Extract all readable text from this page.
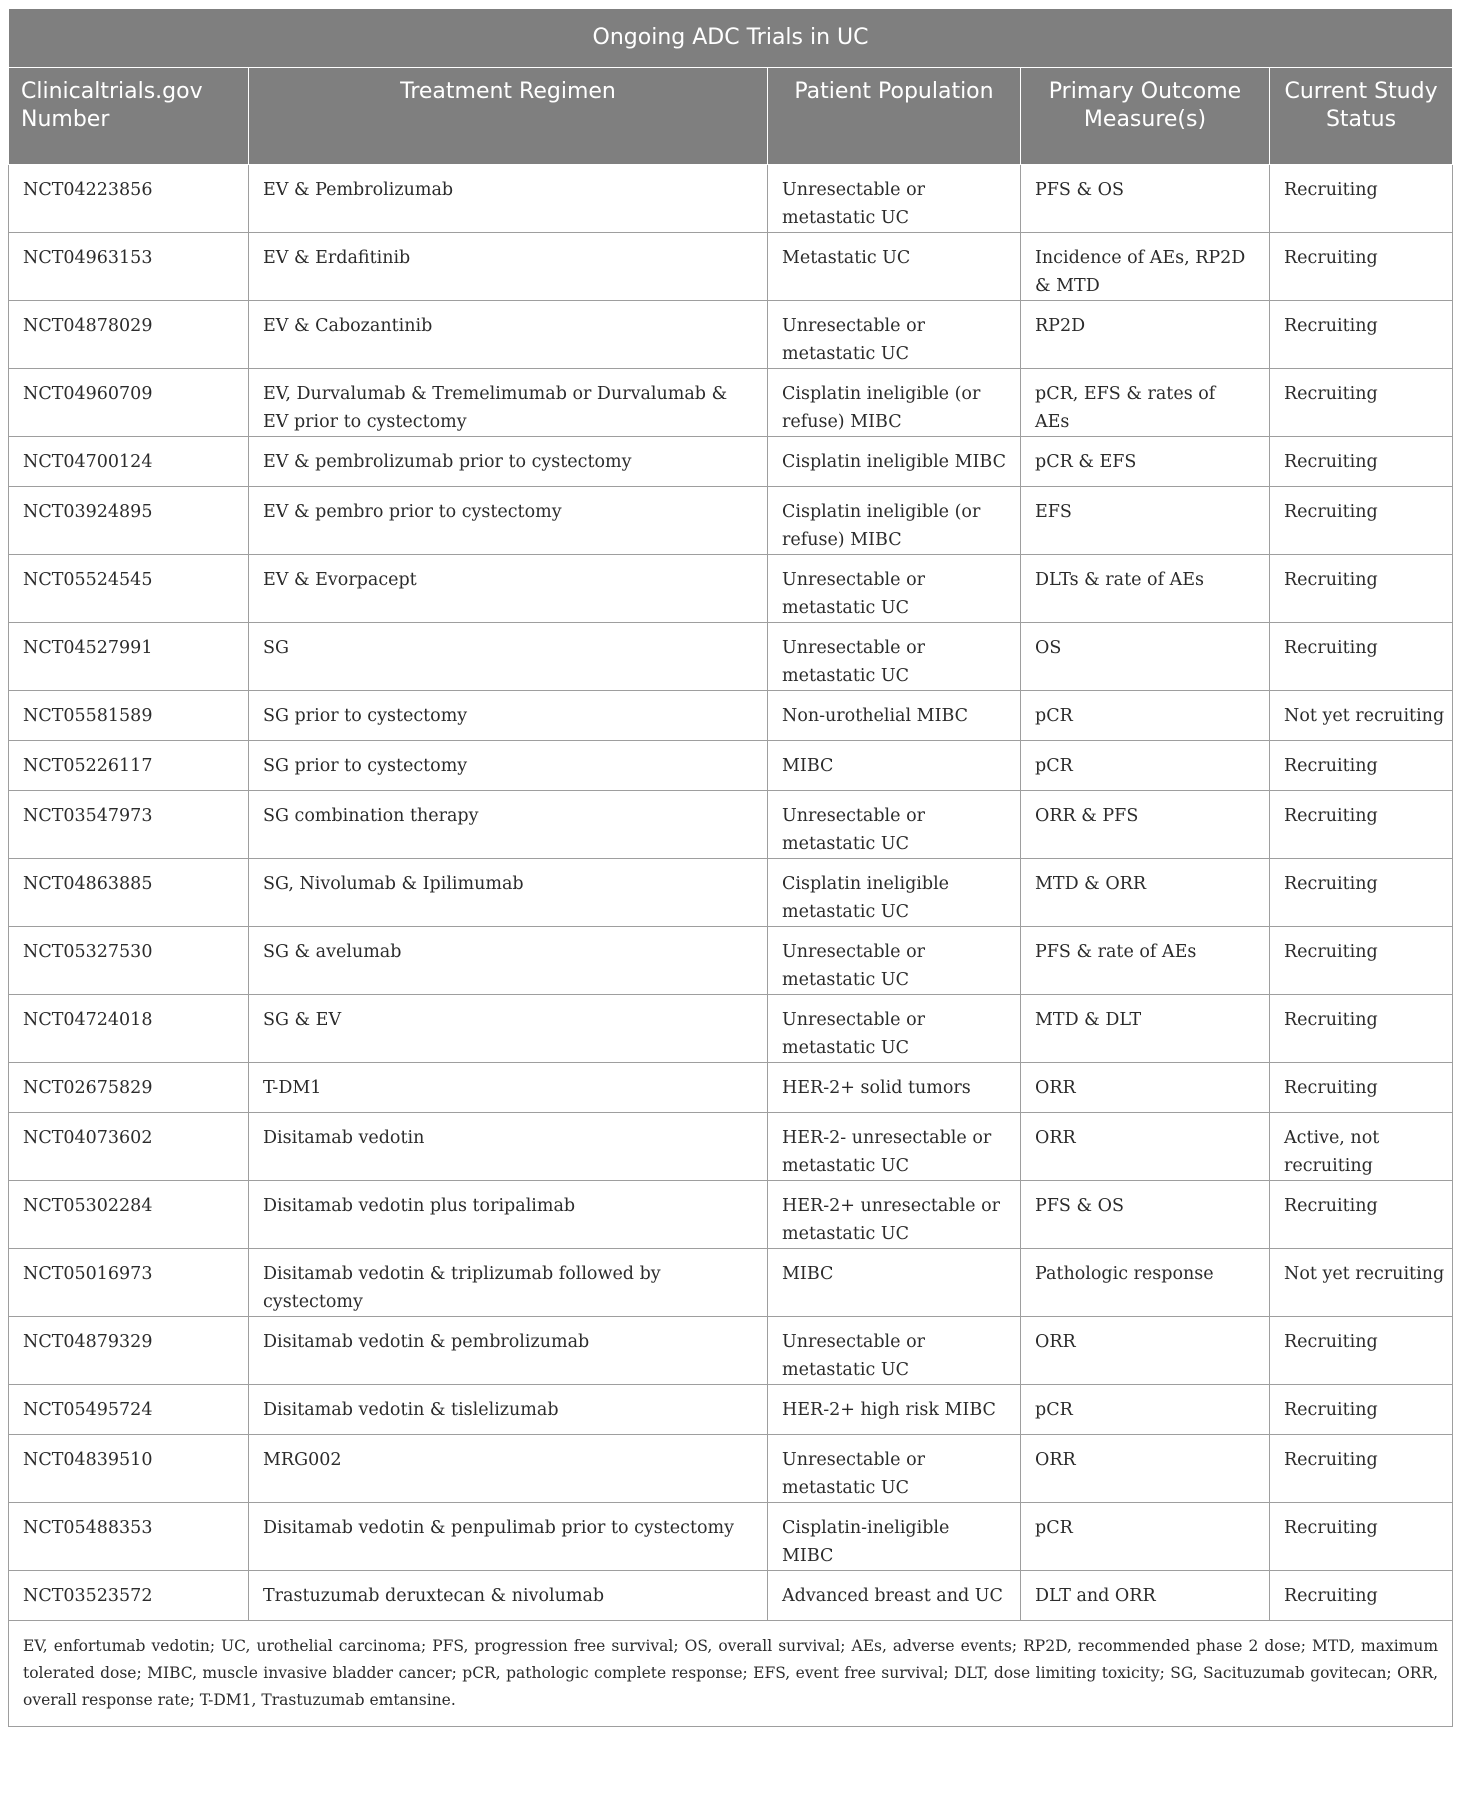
Ongoing ADC Trials in UC				
Clinicaltrials.gov Number	Treatment Regimen	Patient Population	Primary Outcome Measure(s)	Current Study Status
NCT04223856	EV & Pembrolizumab	Unresectable or metastatic UC	PFS & OS	Recruiting
NCT04963153	EV & Erdafitinib	Metastatic UC	Incidence of AEs, RP2D & MTD	Recruiting
NCT04878029	EV & Cabozantinib	Unresectable or metastatic UC	RP2D	Recruiting
NCT04960709	EV, Durvalumab & Tremelimumab or Durvalumab & EV prior to cystectomy	Cisplatin ineligible (or refuse) MIBC	pCR, EFS & rates of AEs	Recruiting
NCT04700124	EV & pembrolizumab prior to cystectomy	Cisplatin ineligible MIBC	pCR & EFS	Recruiting
NCT03924895	EV & pembro prior to cystectomy	Cisplatin ineligible (or refuse) MIBC	EFS	Recruiting
NCT05524545	EV & Evorpacept	Unresectable or metastatic UC	DLTs & rate of AEs	Recruiting
NCT04527991	SG	Unresectable or metastatic UC	OS	Recruiting
NCT05581589	SG prior to cystectomy	Non-urothelial MIBC	pCR	Not yet recruiting
NCT05226117	SG prior to cystectomy	MIBC	pCR	Recruiting
NCT03547973	SG combination therapy	Unresectable or metastatic UC	ORR & PFS	Recruiting
NCT04863885	SG, Nivolumab & Ipilimumab	Cisplatin ineligible metastatic UC	MTD & ORR	Recruiting
NCT05327530	SG & avelumab	Unresectable or metastatic UC	PFS & rate of AEs	Recruiting
NCT04724018	SG & EV	Unresectable or metastatic UC	MTD & DLT	Recruiting
NCT02675829	T-DM1	HER-2+ solid tumors	ORR	Recruiting
NCT04073602	Disitamab vedotin	HER-2- unresectable or metastatic UC	ORR	Active, not recruiting
NCT05302284	Disitamab vedotin plus toripalimab	HER-2+ unresectable or metastatic UC	PFS & OS	Recruiting
NCT05016973	Disitamab vedotin & triplizumab followed by cystectomy	MIBC	Pathologic response	Not yet recruiting
NCT04879329	Disitamab vedotin & pembrolizumab	Unresectable or metastatic UC	ORR	Recruiting
NCT05495724	Disitamab vedotin & tislelizumab	HER-2+ high risk MIBC	pCR	Recruiting
NCT04839510	MRG002	Unresectable or metastatic UC	ORR	Recruiting
NCT05488353	Disitamab vedotin & penpulimab prior to cystectomy	Cisplatin-ineligible MIBC	pCR	Recruiting
NCT03523572	Trastuzumab deruxtecan & nivolumab	Advanced breast and UC	DLT and ORR	Recruiting
EV, enfortumab vedotin; UC, urothelial carcinoma; PFS, progression free survival; OS, overall survival; AEs, adverse events; RP2D, recommended phase 2 dose; MTD, maximum tolerated dose; MIBC, muscle invasive bladder cancer; pCR, pathologic complete response; EFS, event free survival; DLT, dose limiting toxicity; SG, Sacituzumab govitecan; ORR, overall response rate; T-DM1, Trastuzumab emtansine.				
